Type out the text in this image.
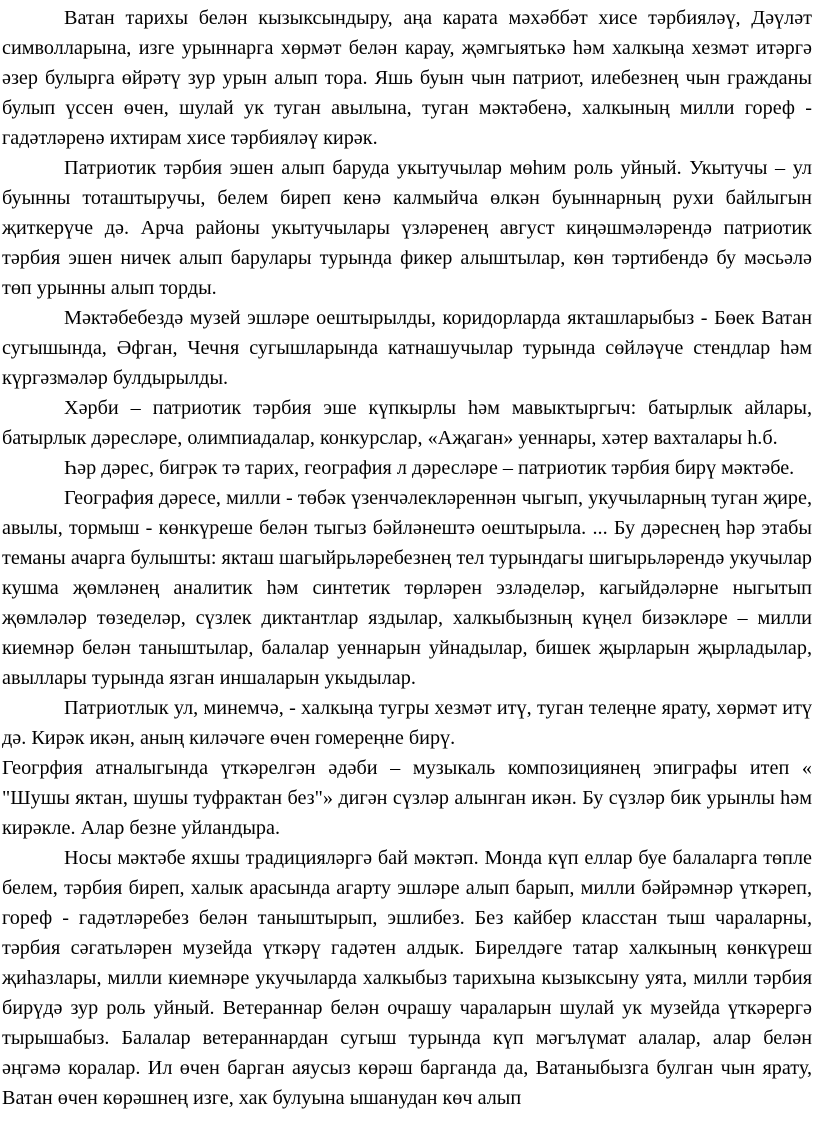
Ватан тарихы белән кызыксындыру, аңа карата мәхәббәт хисе тәрбияләү, Дәүләт символларына, изге урыннарга хөрмәт белән карау, җәмгыятькә һәм халкыңа хезмәт итәргә әзер булырга өйрәтү зур урын алып тора. Яшь буын чын патриот, илебезнең чын гражданы булып үссен өчен, шулай ук туган авылына, туган мәктәбенә, халкының милли гореф - гадәтләренә ихтирам хисе тәрбияләү кирәк.

Патриотик тәрбия эшен алып баруда укытучылар мөһим роль уйный. Укытучы – ул буынны тоташтыручы, белем биреп кенә калмыйча өлкән буыннарның рухи байлыгын җиткерүче дә. Арча районы укытучылары үзләренең август киңәшмәләрендә патриотик тәрбия эшен ничек алып барулары турында фикер алыштылар, көн тәртибендә бу мәсьәлә төп урынны алып торды.

Мәктәбебездә музей эшләре оештырылды, коридорларда якташларыбыз - Бөек Ватан сугышында, Әфган, Чечня сугышларында катнашучылар турында сөйләүче стендлар һәм күргәзмәләр булдырылды.

Хәрби – патриотик тәрбия эше күпкырлы һәм мавыктыргыч: батырлык айлары, батырлык дәресләре, олимпиадалар, конкурслар, «Аҗаган» уеннары, хәтер вахталары h.б.

Һәр дәрес, бигрәк тә тарих, география л дәресләре – патриотик тәрбия бирү мәктәбе.

География дәресе, милли - төбәк үзенчәлекләреннән чыгып, укучыларның туган җире, авылы, тормыш - көнкүреше белән тыгыз бәйләнештә оештырыла. ... Бу дәреснең һәр этабы теманы ачарга булышты: якташ шагыйрьләребезнең тел турындагы шигырьләрендә укучылар кушма җөмләнең аналитик һәм синтетик төрләрен эзләделәр, кагыйдәләрне ныгытып җөмләләр төзеделәр, сүзлек диктантлар яздылар, халкыбызның күңел бизәкләре – милли киемнәр белән таныштылар, балалар уеннарын уйнадылар, бишек җырларын җырладылар, авыллары турында язган иншаларын укыдылар.

Патриотлык ул, минемчә, - халкыңа тугры хезмәт итү, туган телеңне ярату, хөрмәт итү дә. Кирәк икән, аның киләчәге өчен гомереңне бирү.

Геогрфия атналыгында үткәрелгән әдәби – музыкаль композициянең эпиграфы итеп « "Шушы яктан, шушы туфрактан без"» дигән сүзләр алынган икән. Бу сүзләр бик урынлы һәм кирәкле. Алар безне уйландыра.

Носы мәктәбе яхшы традицияләргә бай мәктәп. Монда күп еллар буе балаларга төпле белем, тәрбия биреп, халык арасында агарту эшләре алып барып, милли бәйрәмнәр үткәреп, гореф - гадәтләребез белән таныштырып, эшлибез. Без кайбер класстан тыш чараларны, тәрбия сәгатьләрен музейда үткәрү гадәтен алдык. Бирелдәге татар халкының көнкүреш җиһазлары, милли киемнәре укучыларда халкыбыз тарихына кызыксыну уята, милли тәрбия бирүдә зур роль уйный. Ветераннар белән очрашу чараларын шулай ук музейда үткәрергә тырышабыз. Балалар ветераннардан сугыш турында күп мәгълүмат алалар, алар белән әңгәмә коралар. Ил өчен барган аяусыз көрәш барганда да, Ватаныбызга булган чын ярату, Ватан өчен көрәшнең изге, хак булуына ышанудан көч алып
